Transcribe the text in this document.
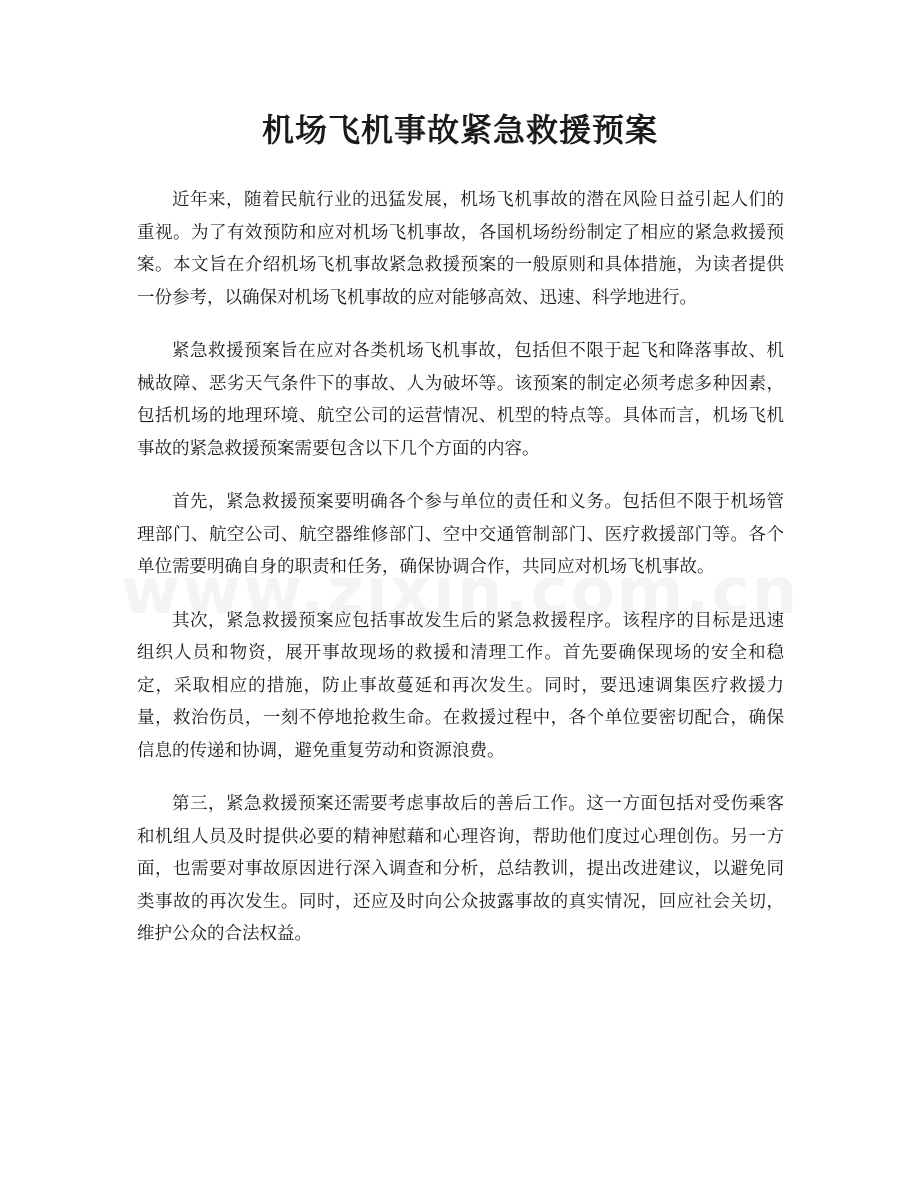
机场飞机事故紧急救援预案

近年来，随着民航行业的迅猛发展，机场飞机事故的潜在风险日益引起人们的重视。为了有效预防和应对机场飞机事故，各国机场纷纷制定了相应的紧急救援预案。本文旨在介绍机场飞机事故紧急救援预案的一般原则和具体措施，为读者提供一份参考，以确保对机场飞机事故的应对能够高效、迅速、科学地进行。

紧急救援预案旨在应对各类机场飞机事故，包括但不限于起飞和降落事故、机械故障、恶劣天气条件下的事故、人为破坏等。该预案的制定必须考虑多种因素，包括机场的地理环境、航空公司的运营情况、机型的特点等。具体而言，机场飞机事故的紧急救援预案需要包含以下几个方面的内容。

首先，紧急救援预案要明确各个参与单位的责任和义务。包括但不限于机场管理部门、航空公司、航空器维修部门、空中交通管制部门、医疗救援部门等。各个单位需要明确自身的职责和任务，确保协调合作，共同应对机场飞机事故。

其次，紧急救援预案应包括事故发生后的紧急救援程序。该程序的目标是迅速组织人员和物资，展开事故现场的救援和清理工作。首先要确保现场的安全和稳定，采取相应的措施，防止事故蔓延和再次发生。同时，要迅速调集医疗救援力量，救治伤员，一刻不停地抢救生命。在救援过程中，各个单位要密切配合，确保信息的传递和协调，避免重复劳动和资源浪费。

第三，紧急救援预案还需要考虑事故后的善后工作。这一方面包括对受伤乘客和机组人员及时提供必要的精神慰藉和心理咨询，帮助他们度过心理创伤。另一方面，也需要对事故原因进行深入调查和分析，总结教训，提出改进建议，以避免同类事故的再次发生。同时，还应及时向公众披露事故的真实情况，回应社会关切，维护公众的合法权益。
